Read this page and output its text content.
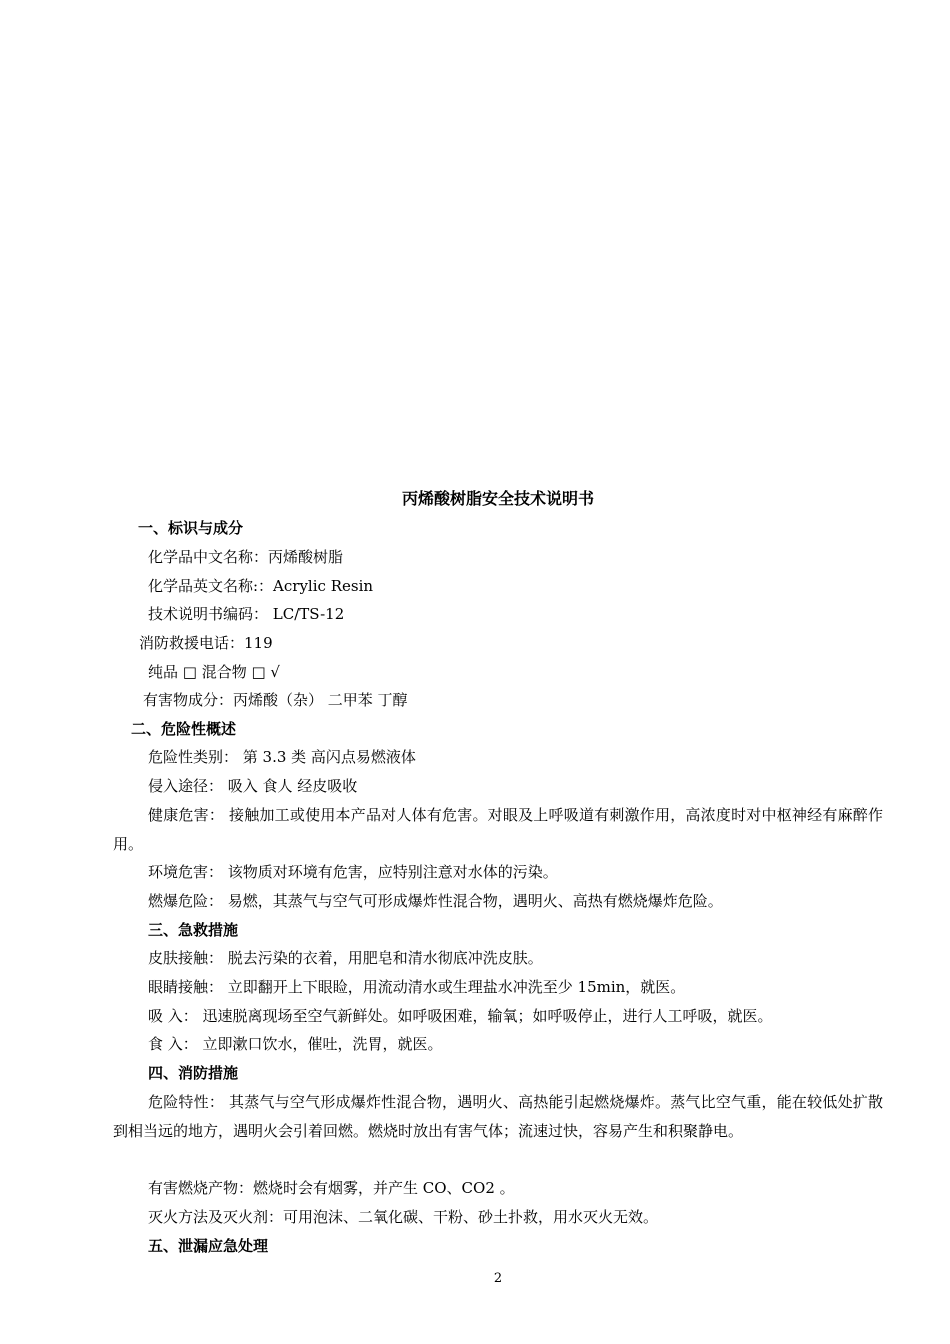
丙烯酸树脂安全技术说明书
一、标识与成分
化学品中文名称：丙烯酸树脂
化学品英文名称:：Acrylic Resin
技术说明书编码： LC/TS-12
消防救援电话：119
纯品 □ 混合物 □ √
有害物成分：丙烯酸（杂） 二甲苯 丁醇
二、危险性概述
危险性类别： 第 3.3 类 高闪点易燃液体
侵入途径： 吸入 食人 经皮吸收
健康危害： 接触加工或使用本产品对人体有危害。对眼及上呼吸道有刺激作用，高浓度时对中枢神经有麻醉作用。
环境危害： 该物质对环境有危害，应特别注意对水体的污染。
燃爆危险： 易燃，其蒸气与空气可形成爆炸性混合物，遇明火、高热有燃烧爆炸危险。
三、急救措施
皮肤接触： 脱去污染的衣着，用肥皂和清水彻底冲洗皮肤。
眼睛接触： 立即翻开上下眼睑，用流动清水或生理盐水冲洗至少 15min，就医。
吸 入： 迅速脱离现场至空气新鲜处。如呼吸困难，输氧；如呼吸停止，进行人工呼吸，就医。
食 入： 立即漱口饮水，催吐，洗胃，就医。
四、消防措施
危险特性： 其蒸气与空气形成爆炸性混合物，遇明火、高热能引起燃烧爆炸。蒸气比空气重，能在较低处扩散到相当远的地方，遇明火会引着回燃。燃烧时放出有害气体；流速过快，容易产生和积聚静电。
有害燃烧产物：燃烧时会有烟雾，并产生 CO、CO2 。
灭火方法及灭火剂：可用泡沫、二氧化碳、干粉、砂土扑救，用水灭火无效。
五、泄漏应急处理
2
